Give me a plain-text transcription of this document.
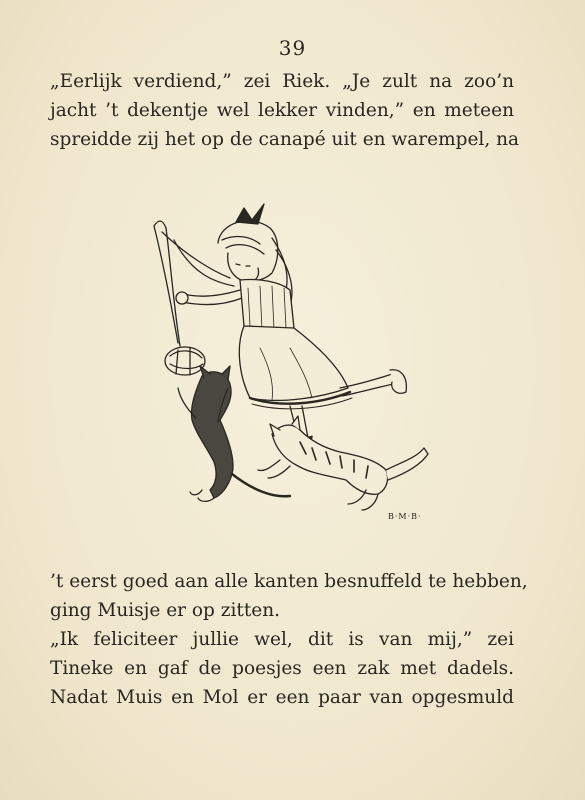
39
„Eerlijk verdiend,” zei Riek. „Je zult na zoo’n
jacht ’t dekentje wel lekker vinden,” en meteen
spreidde zij het op de canapé uit en warempel, na
B·M·B·
’t eerst goed aan alle kanten besnuffeld te hebben,
ging Muisje er op zitten.
„Ik feliciteer jullie wel, dit is van mij,” zei
Tineke en gaf de poesjes een zak met dadels.
Nadat Muis en Mol er een paar van opgesmuld
